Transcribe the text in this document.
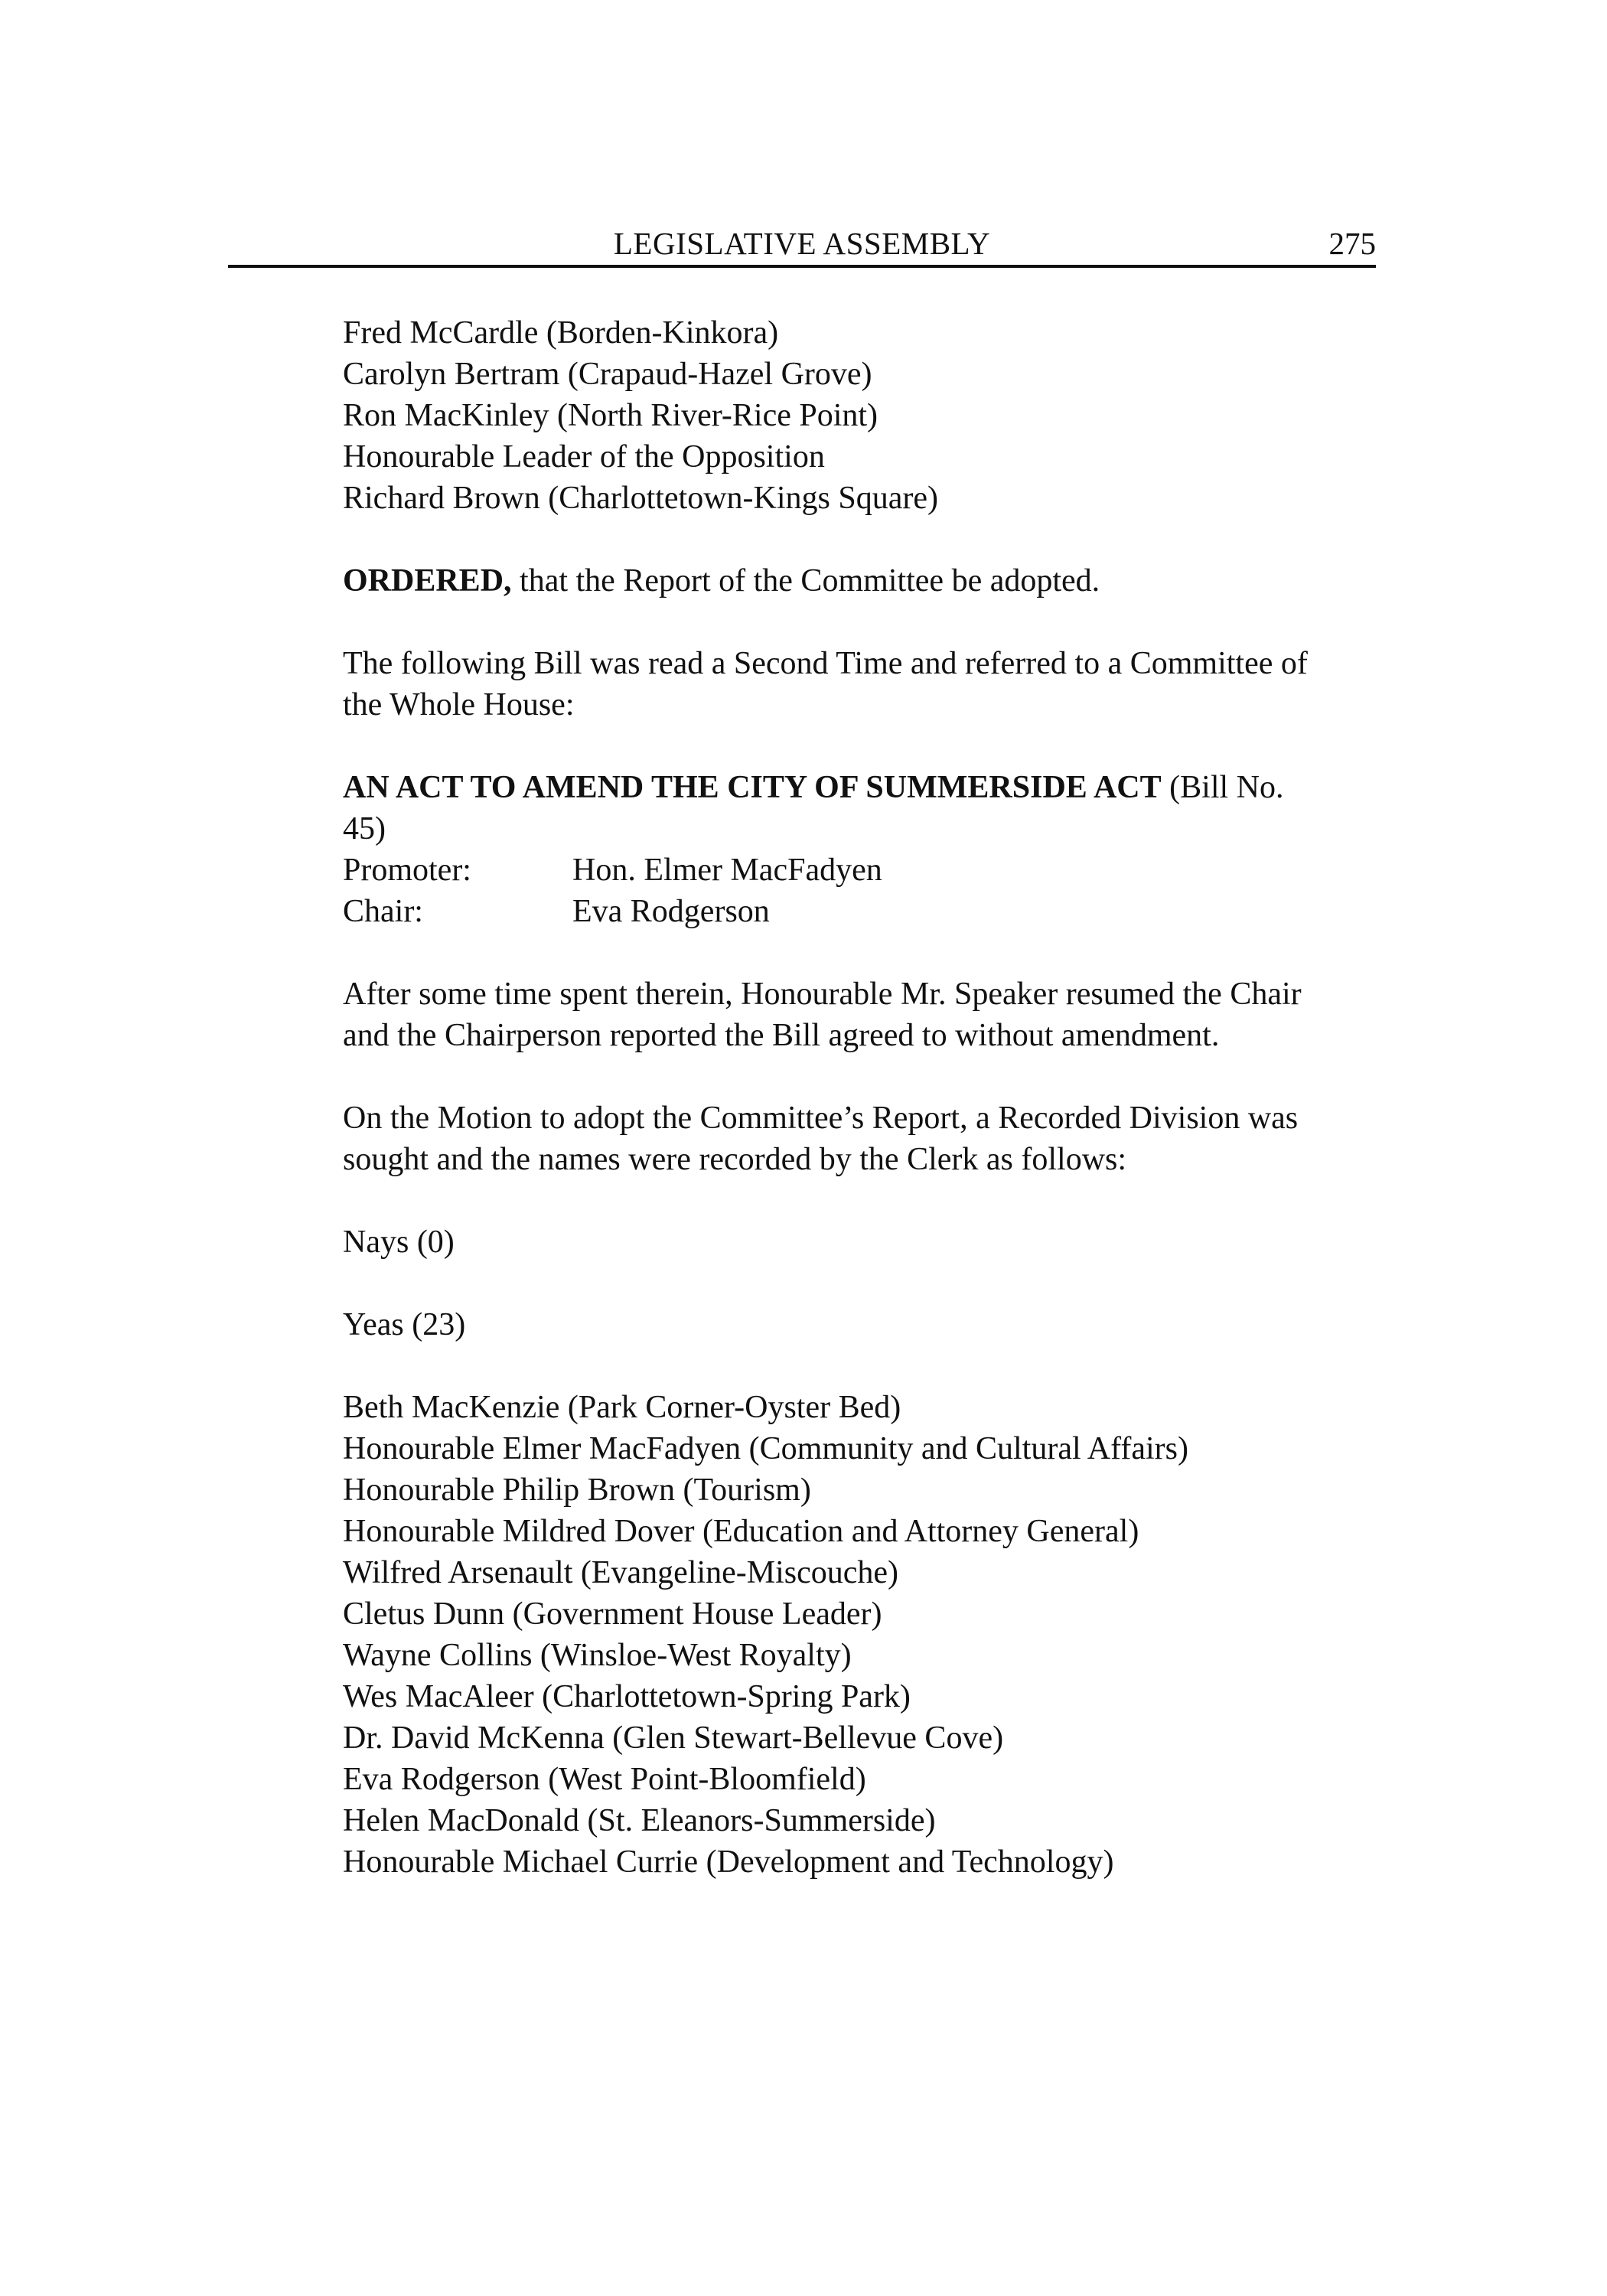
LEGISLATIVE ASSEMBLY	275
Fred McCardle (Borden-Kinkora)
Carolyn Bertram (Crapaud-Hazel Grove)
Ron MacKinley (North River-Rice Point)
Honourable Leader of the Opposition
Richard Brown (Charlottetown-Kings Square)
ORDERED, that the Report of the Committee be adopted.
The following Bill was read a Second Time and referred to a Committee of
the Whole House:
AN ACT TO AMEND THE CITY OF SUMMERSIDE ACT (Bill No.
45)
Promoter:	Hon. Elmer MacFadyen
Chair:	Eva Rodgerson
After some time spent therein, Honourable Mr. Speaker resumed the Chair
and the Chairperson reported the Bill agreed to without amendment.
On the Motion to adopt the Committee’s Report, a Recorded Division was
sought and the names were recorded by the Clerk as follows:
Nays (0)
Yeas (23)
Beth MacKenzie (Park Corner-Oyster Bed)
Honourable Elmer MacFadyen (Community and Cultural Affairs)
Honourable Philip Brown (Tourism)
Honourable Mildred Dover (Education and Attorney General)
Wilfred Arsenault (Evangeline-Miscouche)
Cletus Dunn (Government House Leader)
Wayne Collins (Winsloe-West Royalty)
Wes MacAleer (Charlottetown-Spring Park)
Dr. David McKenna (Glen Stewart-Bellevue Cove)
Eva Rodgerson (West Point-Bloomfield)
Helen MacDonald (St. Eleanors-Summerside)
Honourable Michael Currie (Development and Technology)
